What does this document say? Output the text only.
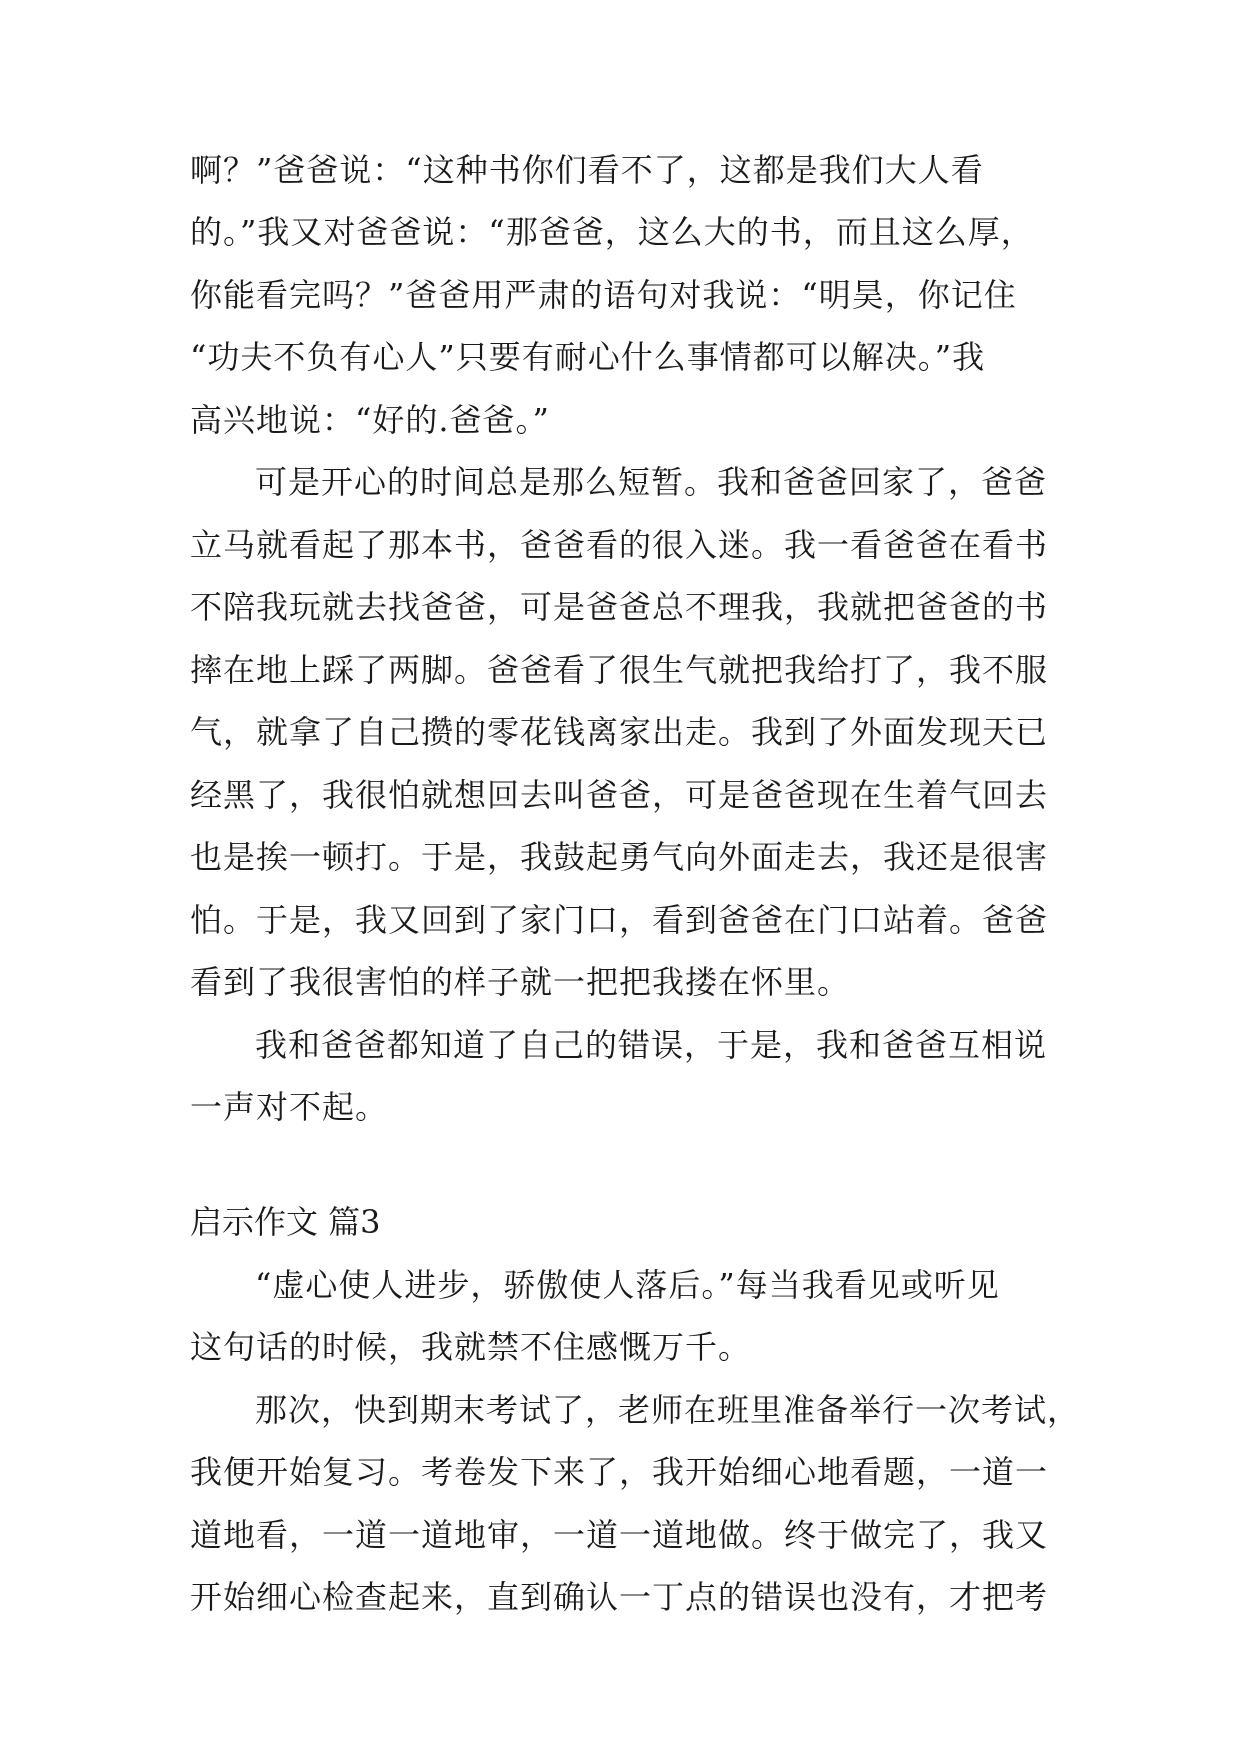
啊？”爸爸说：“这种书你们看不了，这都是我们大人看
的。”我又对爸爸说：“那爸爸，这么大的书，而且这么厚，
你能看完吗？”爸爸用严肃的语句对我说：“明昊，你记住
“功夫不负有心人”只要有耐心什么事情都可以解决。”我
高兴地说：“好的.爸爸。”
可是开心的时间总是那么短暂。我和爸爸回家了，爸爸
立马就看起了那本书，爸爸看的很入迷。我一看爸爸在看书
不陪我玩就去找爸爸，可是爸爸总不理我，我就把爸爸的书
摔在地上踩了两脚。爸爸看了很生气就把我给打了，我不服
气，就拿了自己攒的零花钱离家出走。我到了外面发现天已
经黑了，我很怕就想回去叫爸爸，可是爸爸现在生着气回去
也是挨一顿打。于是，我鼓起勇气向外面走去，我还是很害
怕。于是，我又回到了家门口，看到爸爸在门口站着。爸爸
看到了我很害怕的样子就一把把我搂在怀里。
我和爸爸都知道了自己的错误，于是，我和爸爸互相说
一声对不起。
启示作文 篇3
“虚心使人进步，骄傲使人落后。”每当我看见或听见
这句话的时候，我就禁不住感慨万千。
那次，快到期末考试了，老师在班里准备举行一次考试，
我便开始复习。考卷发下来了，我开始细心地看题，一道一
道地看，一道一道地审，一道一道地做。终于做完了，我又
开始细心检查起来，直到确认一丁点的错误也没有，才把考
